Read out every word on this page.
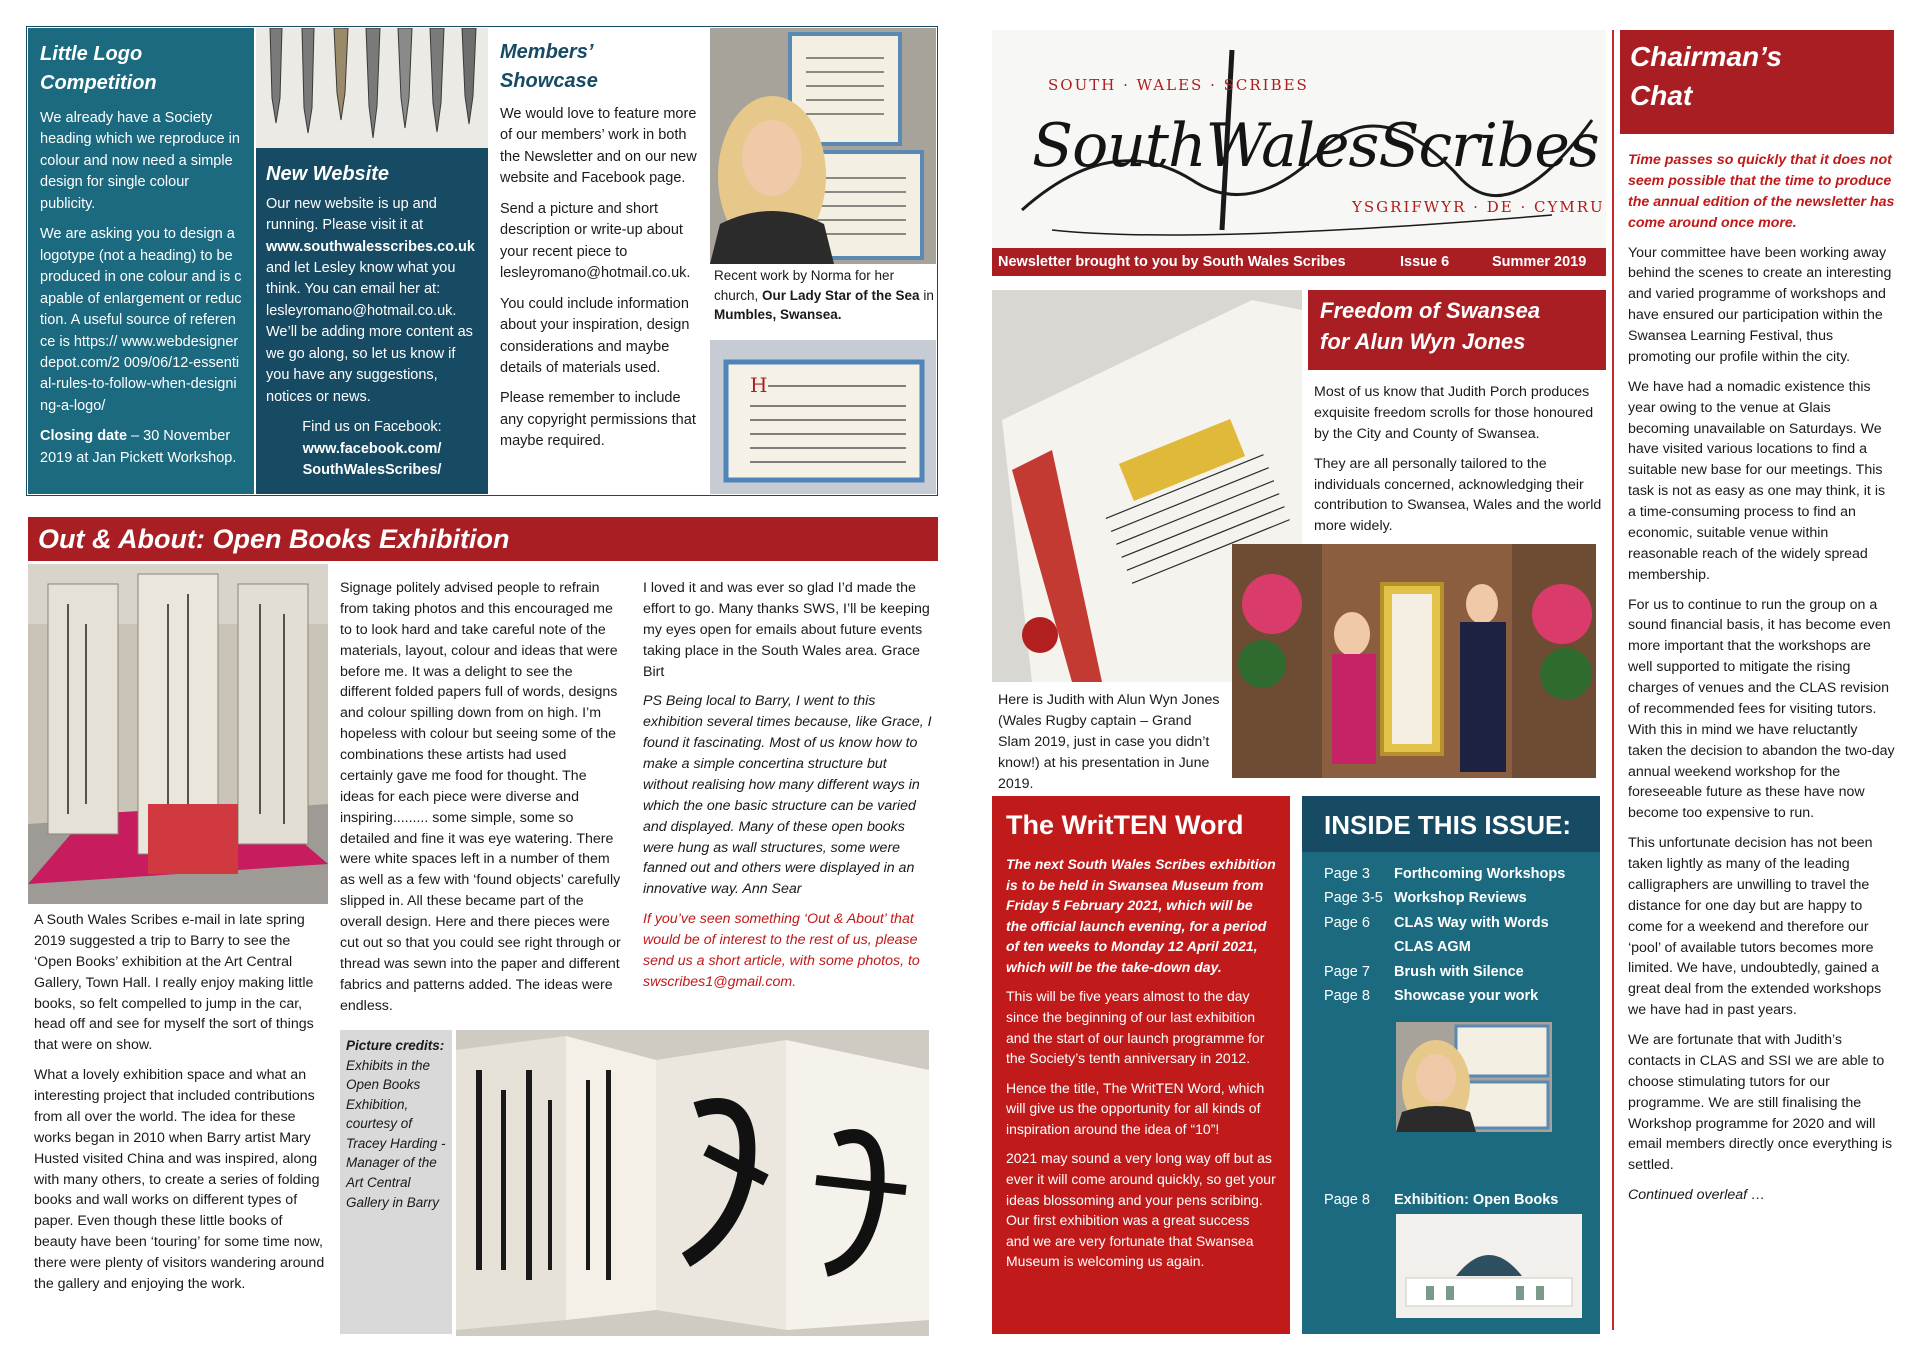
Little Logo
Competition

We already have a Society heading which we reproduce in colour and now need a simple design for single colour publicity.

We are asking you to design a logotype (not a heading) to be produced in one colour and is capable of enlargement or reduction. A useful source of reference is https:// www.webdesignerdepot.com/2 009/06/12-essential-rules-to-follow-when-designing-a-logo/

Closing date – 30 November 2019 at Jan Pickett Workshop.

New Website

Our new website is up and running. Please visit it at www.southwalesscribes.co.uk and let Lesley know what you think. You can email her at: lesleyromano@hotmail.co.uk. We’ll be adding more content as we go along, so let us know if you have any suggestions, notices or news.

Find us on Facebook:
www.facebook.com/
SouthWalesScribes/
Members’
Showcase

We would love to feature more of our members’ work in both the Newsletter and on our new website and Facebook page.

Send a picture and short description or write-up about your recent piece to lesleyromano@hotmail.co.uk.

You could include information about your inspiration, design considerations and maybe details of materials used.

Please remember to include any copyright permissions that maybe required.

Recent work by Norma for her church, Our Lady Star of the Sea in Mumbles, Swansea.
H
Out & About: Open Books Exhibition

A South Wales Scribes e-mail in late spring 2019 suggested a trip to Barry to see the ‘Open Books’ exhibition at the Art Central Gallery, Town Hall. I really enjoy making little books, so felt compelled to jump in the car, head off and see for myself the sort of things that were on show.

What a lovely exhibition space and what an interesting project that included contributions from all over the world. The idea for these works began in 2010 when Barry artist Mary Husted visited China and was inspired, along with many others, to create a series of folding books and wall works on different types of paper. Even though these little books of beauty have been ‘touring’ for some time now, there were plenty of visitors wandering around the gallery and enjoying the work.

Signage politely advised people to refrain from taking photos and this encouraged me to to look hard and take careful note of the materials, layout, colour and ideas that were before me. It was a delight to see the different folded papers full of words, designs and colour spilling down from on high. I’m hopeless with colour but seeing some of the combinations these artists had used certainly gave me food for thought. The ideas for each piece were diverse and inspiring......... some simple, some so detailed and fine it was eye watering. There were white spaces left in a number of them as well as a few with ‘found objects’ carefully slipped in. All these became part of the overall design. Here and there pieces were cut out so that you could see right through or thread was sewn into the paper and different fabrics and patterns added. The ideas were endless.

I loved it and was ever so glad I’d made the effort to go. Many thanks SWS, I’ll be keeping my eyes open for emails about future events taking place in the South Wales area. Grace Birt

PS Being local to Barry, I went to this exhibition several times because, like Grace, I found it fascinating. Most of us know how to make a simple concertina structure but without realising how many different ways in which the one basic structure can be varied and displayed. Many of these open books were hung as wall structures, some were fanned out and others were displayed in an innovative way. Ann Sear

If you’ve seen something ‘Out & About’ that would be of interest to the rest of us, please send us a short article, with some photos, to swscribes1@gmail.com.

Picture credits:
Exhibits in the Open Books Exhibition, courtesy of Tracey Harding - Manager of the Art Central Gallery in Barry
SOUTH · WALES · SCRIBES
SouthWalesScribes
YSGRIFWYR · DE · CYMRU
Newsletter brought to you by South Wales Scribes	Issue 6	Summer 2019
Freedom of Swansea
for Alun Wyn Jones

Most of us know that Judith Porch produces exquisite freedom scrolls for those honoured by the City and County of Swansea.

They are all personally tailored to the individuals concerned, acknowledging their contribution to Swansea, Wales and the world more widely.

Here is Judith with Alun Wyn Jones (Wales Rugby captain – Grand Slam 2019, just in case you didn’t know!) at his presentation in June 2019.
The WritTEN Word

The next South Wales Scribes exhibition is to be held in Swansea Museum from Friday 5 February 2021, which will be the official launch evening, for a period of ten weeks to Monday 12 April 2021, which will be the take-down day.

This will be five years almost to the day since the beginning of our last exhibition and the start of our launch programme for the Society’s tenth anniversary in 2012.

Hence the title, The WritTEN Word, which will give us the opportunity for all kinds of inspiration around the idea of “10”!

2021 may sound a very long way off but as ever it will come around quickly, so get your ideas blossoming and your pens scribing. Our first exhibition was a great success and we are very fortunate that Swansea Museum is welcoming us again.

INSIDE THIS ISSUE:
Page 3	Forthcoming Workshops
Page 3-5 Workshop Reviews
Page 6	CLAS Way with Words
CLAS AGM
Page 7	Brush with Silence
Page 8	Showcase your work
Page 8	Exhibition: Open Books
Chairman’s
Chat

Time passes so quickly that it does not seem possible that the time to produce the annual edition of the newsletter has come around once more.

Your committee have been working away behind the scenes to create an interesting and varied programme of workshops and have ensured our participation within the Swansea Learning Festival, thus promoting our profile within the city.

We have had a nomadic existence this year owing to the venue at Glais becoming unavailable on Saturdays. We have visited various locations to find a suitable new base for our meetings. This task is not as easy as one may think, it is a time-consuming process to find an economic, suitable venue within reasonable reach of the widely spread membership.

For us to continue to run the group on a sound financial basis, it has become even more important that the workshops are well supported to mitigate the rising charges of venues and the CLAS revision of recommended fees for visiting tutors. With this in mind we have reluctantly taken the decision to abandon the two-day annual weekend workshop for the foreseeable future as these have now become too expensive to run.

This unfortunate decision has not been taken lightly as many of the leading calligraphers are unwilling to travel the distance for one day but are happy to come for a weekend and therefore our ‘pool’ of available tutors becomes more limited. We have, undoubtedly, gained a great deal from the extended workshops we have had in past years.

We are fortunate that with Judith’s contacts in CLAS and SSI we are able to choose stimulating tutors for our programme. We are still finalising the Workshop programme for 2020 and will email members directly once everything is settled.

Continued overleaf …
